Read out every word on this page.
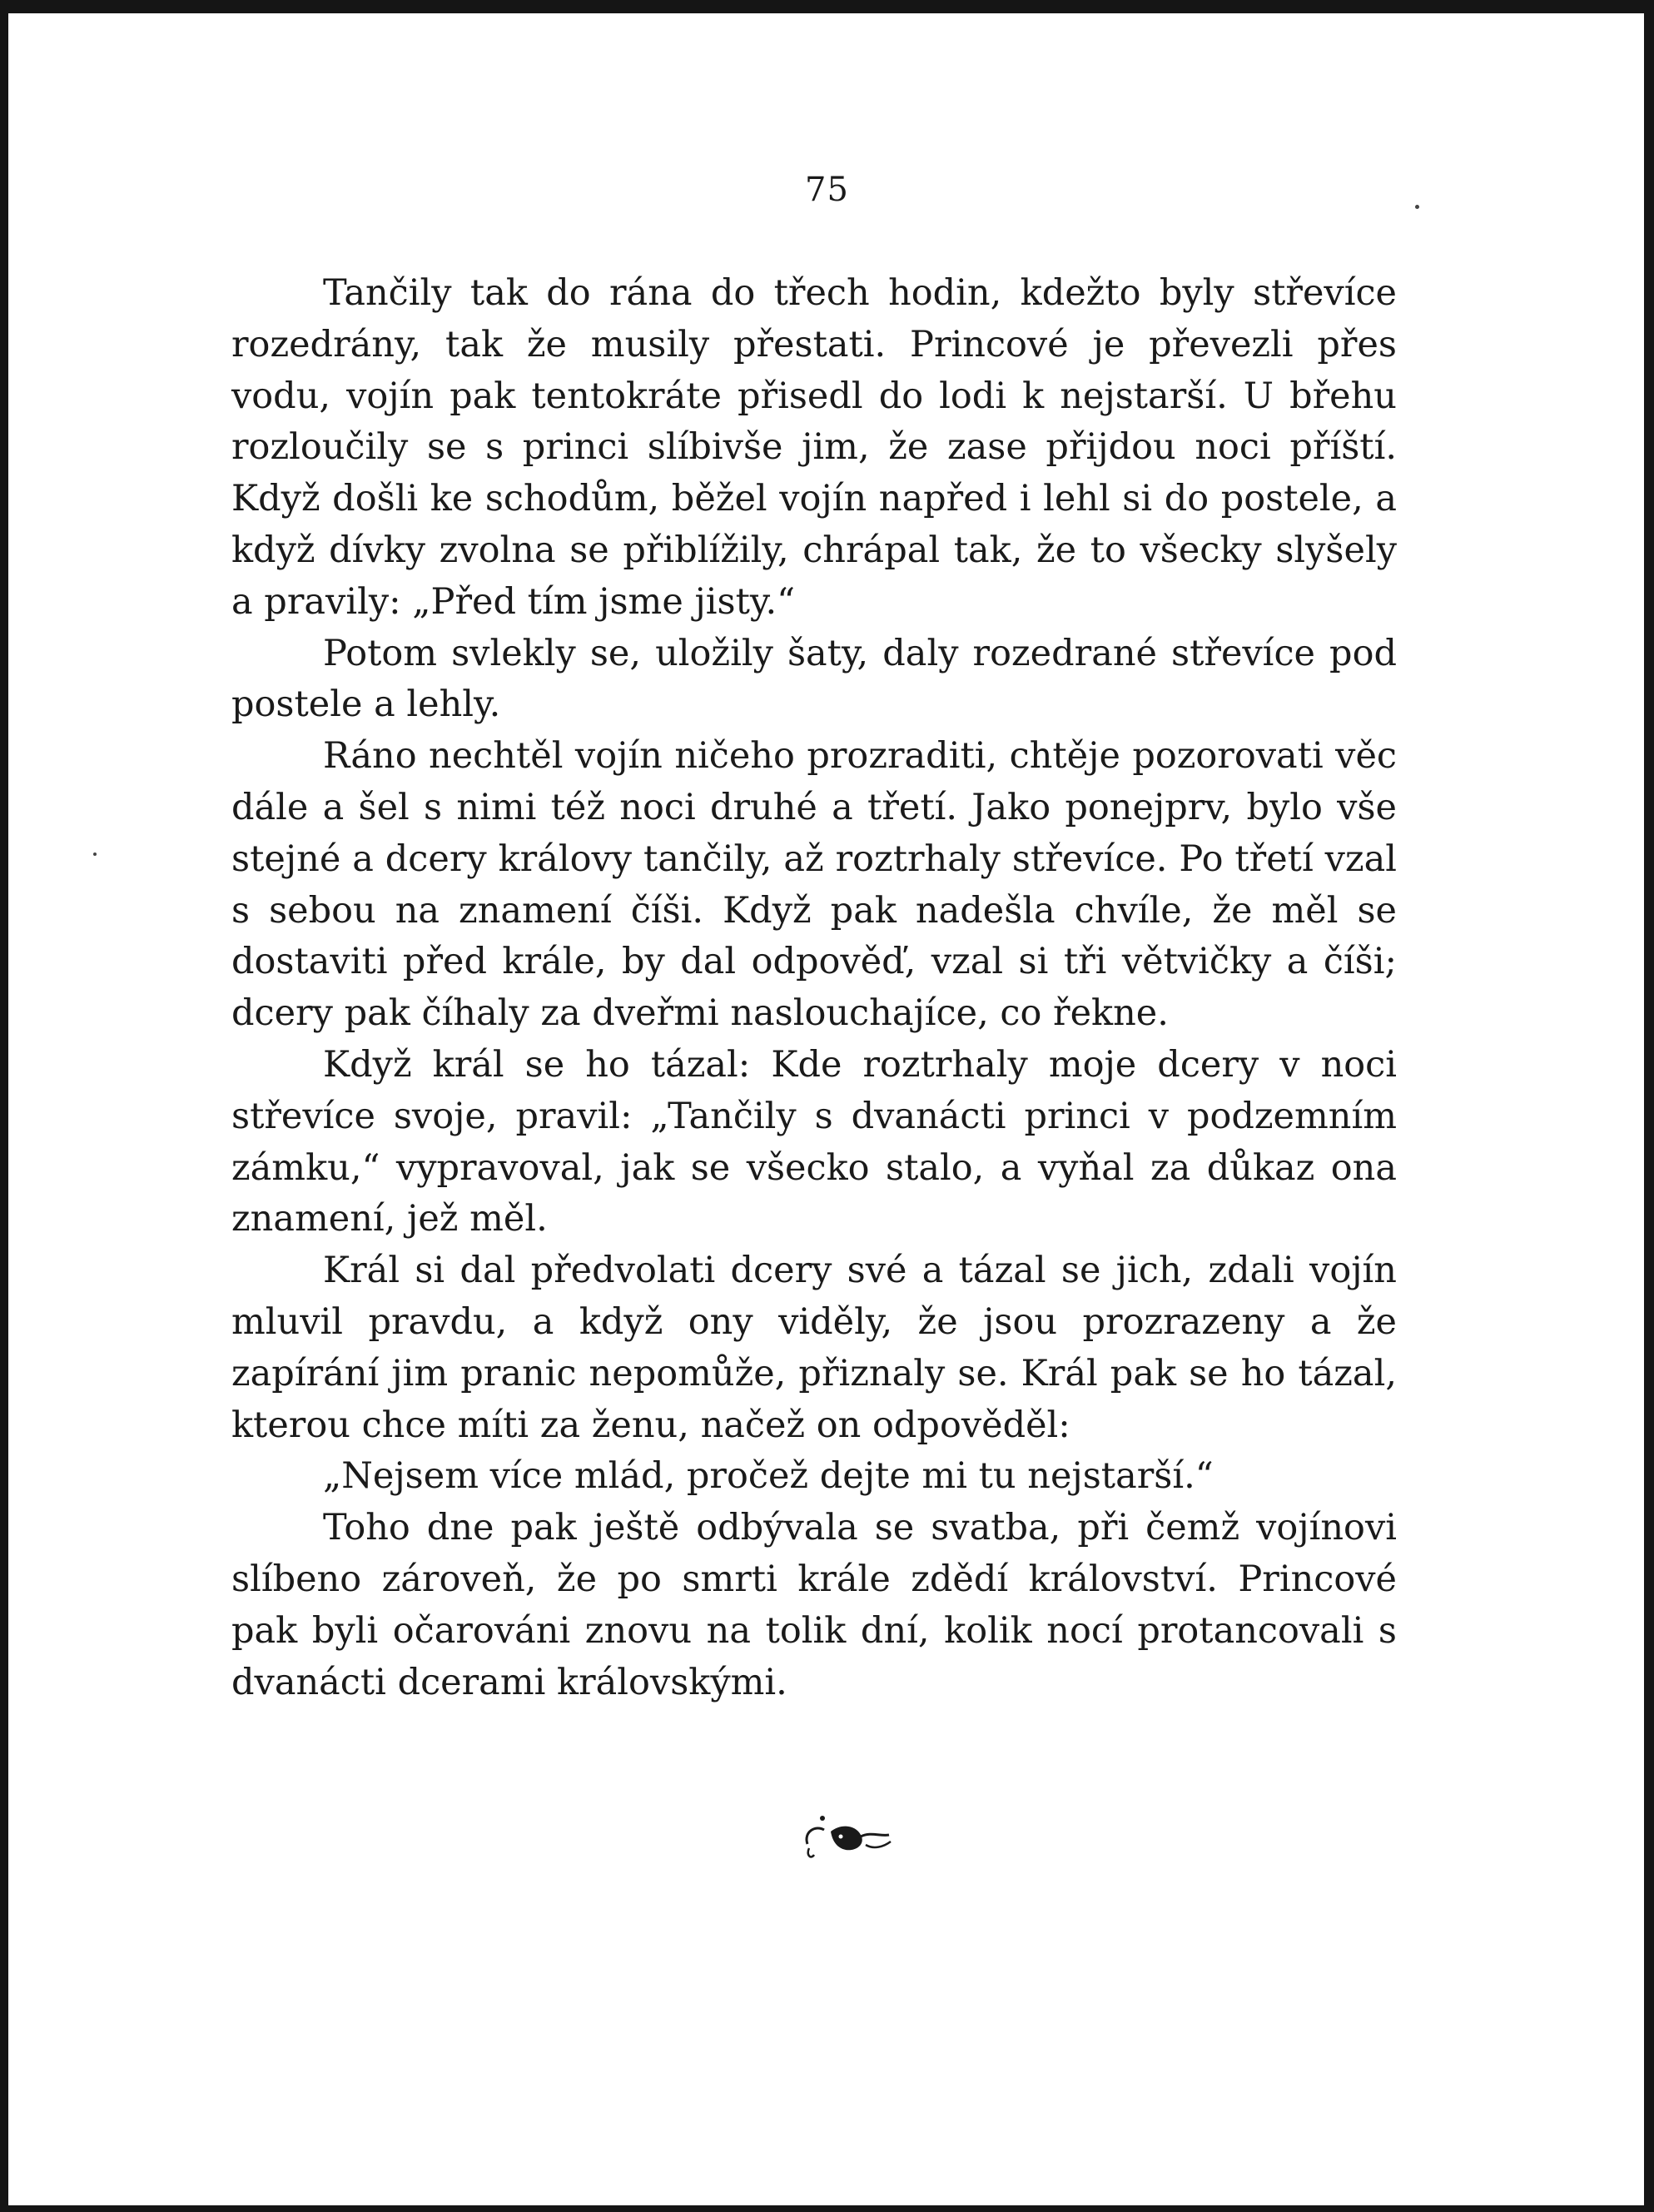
75

Tančily tak do rána do třech hodin, kdežto byly střevíce rozedrány, tak že musily přestati. Princové je převezli přes vodu, vojín pak tentokráte přisedl do lodi k nejstarší. U břehu rozloučily se s princi slíbivše jim, že zase přijdou noci příští. Když došli ke schodům, běžel vojín napřed i lehl si do postele, a když dívky zvolna se přiblížily, chrápal tak, že to všecky slyšely a pravily: „Před tím jsme jisty.“

Potom svlekly se, uložily šaty, daly rozedrané střevíce pod postele a lehly.

Ráno nechtěl vojín ničeho prozraditi, chtěje pozorovati věc dále a šel s nimi též noci druhé a třetí. Jako ponejprv, bylo vše stejné a dcery královy tančily, až roztrhaly střevíce. Po třetí vzal s sebou na znamení číši. Když pak nadešla chvíle, že měl se dostaviti před krále, by dal odpověď, vzal si tři větvičky a číši; dcery pak číhaly za dveřmi naslouchajíce, co řekne.

Když král se ho tázal: Kde roztrhaly moje dcery v noci střevíce svoje, pravil: „Tančily s dvanácti princi v podzemním zámku,“ vypravoval, jak se všecko stalo, a vyňal za důkaz ona znamení, jež měl.

Král si dal předvolati dcery své a tázal se jich, zdali vojín mluvil pravdu, a když ony viděly, že jsou prozrazeny a že zapírání jim pranic nepomůže, přiznaly se. Král pak se ho tázal, kterou chce míti za ženu, načež on odpověděl:

„Nejsem více mlád, pročež dejte mi tu nejstarší.“

Toho dne pak ještě odbývala se svatba, při čemž vojínovi slíbeno zároveň, že po smrti krále zdědí království. Princové pak byli očarováni znovu na tolik dní, kolik nocí protancovali s dvanácti dcerami královskými.
